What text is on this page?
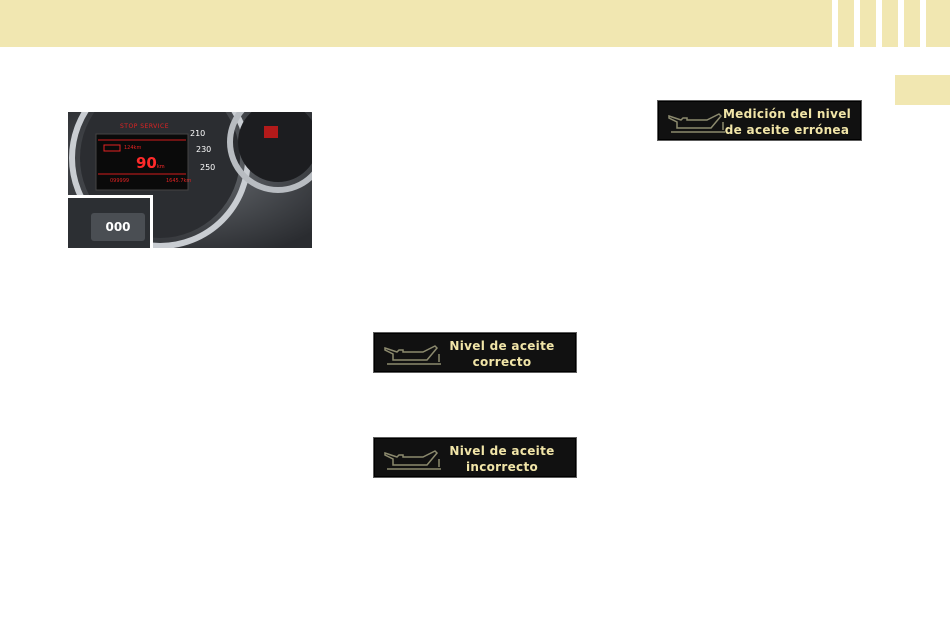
210
230
250
STOP SERVICE
124km
90km
099999	1645.7km
000
Nivel de aceite
correcto
Nivel de aceite
incorrecto
Medición del nivel
de aceite errónea
